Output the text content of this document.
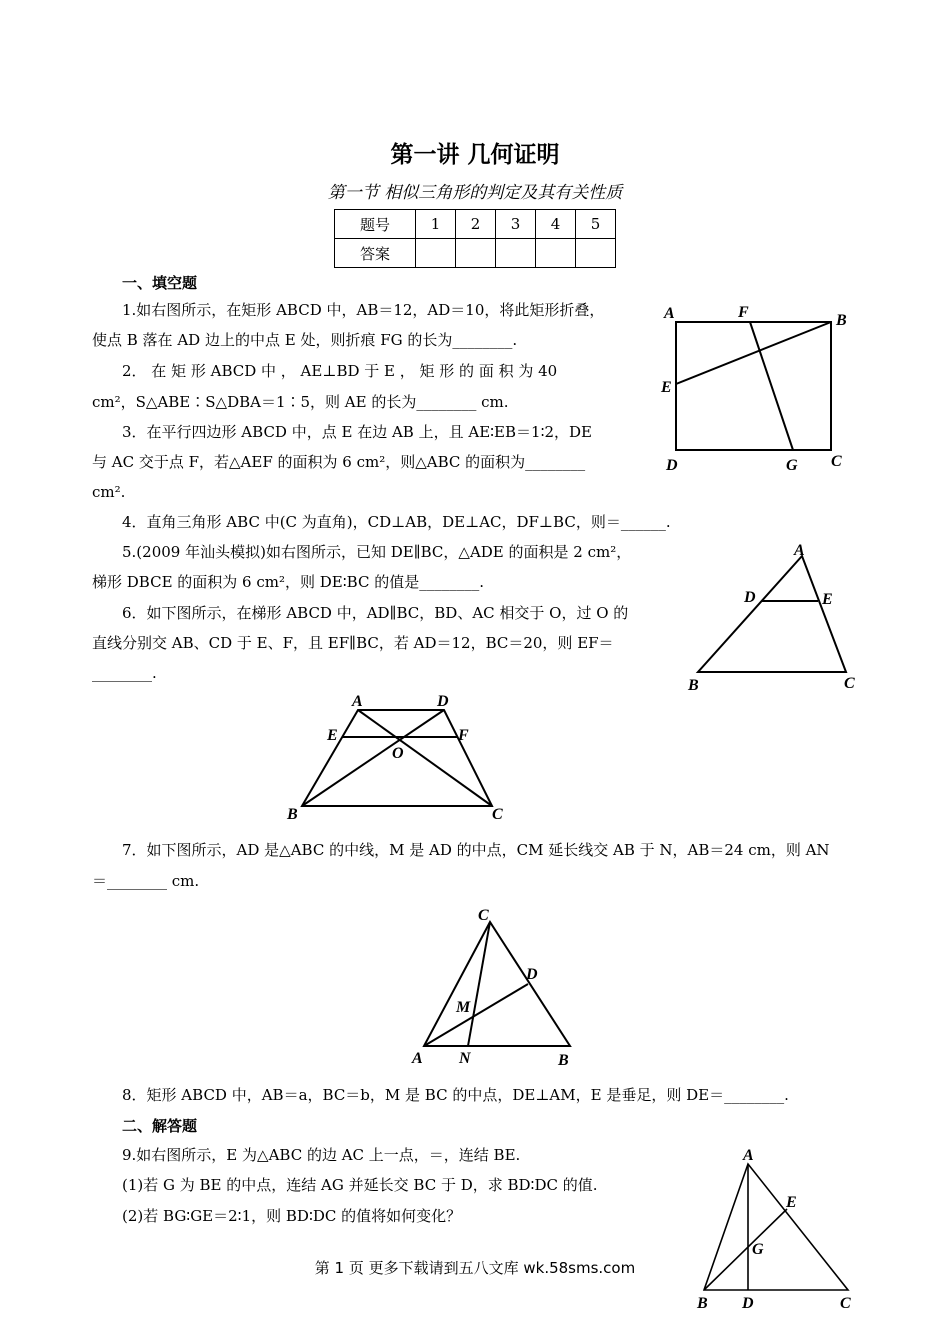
第一讲 几何证明
第一节 相似三角形的判定及其有关性质
题号	1	2	3	4	5
答案					
一、填空题
1.如右图所示，在矩形 ABCD 中，AB＝12，AD＝10，将此矩形折叠，
使点 B 落在 AD 边上的中点 E 处，则折痕 FG 的长为________.
2． 在 矩 形 ABCD 中 ， AE⊥BD 于 E ， 矩 形 的 面 积 为 40
cm²，S△ABE∶S△DBA＝1∶5，则 AE 的长为________ cm.
3．在平行四边形 ABCD 中，点 E 在边 AB 上，且 AE∶EB＝1∶2，DE
与 AC 交于点 F，若△AEF 的面积为 6 cm²，则△ABC 的面积为________
cm².
4．直角三角形 ABC 中(C 为直角)，CD⊥AB，DE⊥AC，DF⊥BC，则＝______.
5.(2009 年汕头模拟)如右图所示，已知 DE∥BC，△ADE 的面积是 2 cm²，
梯形 DBCE 的面积为 6 cm²，则 DE∶BC 的值是________.
6．如下图所示，在梯形 ABCD 中，AD∥BC，BD、AC 相交于 O，过 O 的
直线分别交 AB、CD 于 E、F，且 EF∥BC，若 AD＝12，BC＝20，则 EF＝
________.
7．如下图所示，AD 是△ABC 的中线，M 是 AD 的中点，CM 延长线交 AB 于 N，AB＝24 cm，则 AN
＝________ cm.
8．矩形 ABCD 中，AB＝a，BC＝b，M 是 BC 的中点，DE⊥AM，E 是垂足，则 DE＝________.
二、解答题
9.如右图所示，E 为△ABC 的边 AC 上一点，＝，连结 BE.
(1)若 G 为 BE 的中点，连结 AG 并延长交 BC 于 D，求 BD∶DC 的值.
(2)若 BG∶GE＝2∶1，则 BD∶DC 的值将如何变化？
A	F	B
E
D	G C
A
D	E
B	C
A	D
E	F
O
B	C
C
D
M
A N	B
A
E
G
B D	C
第 1 页 更多下载请到五八文库 wk.58sms.com
